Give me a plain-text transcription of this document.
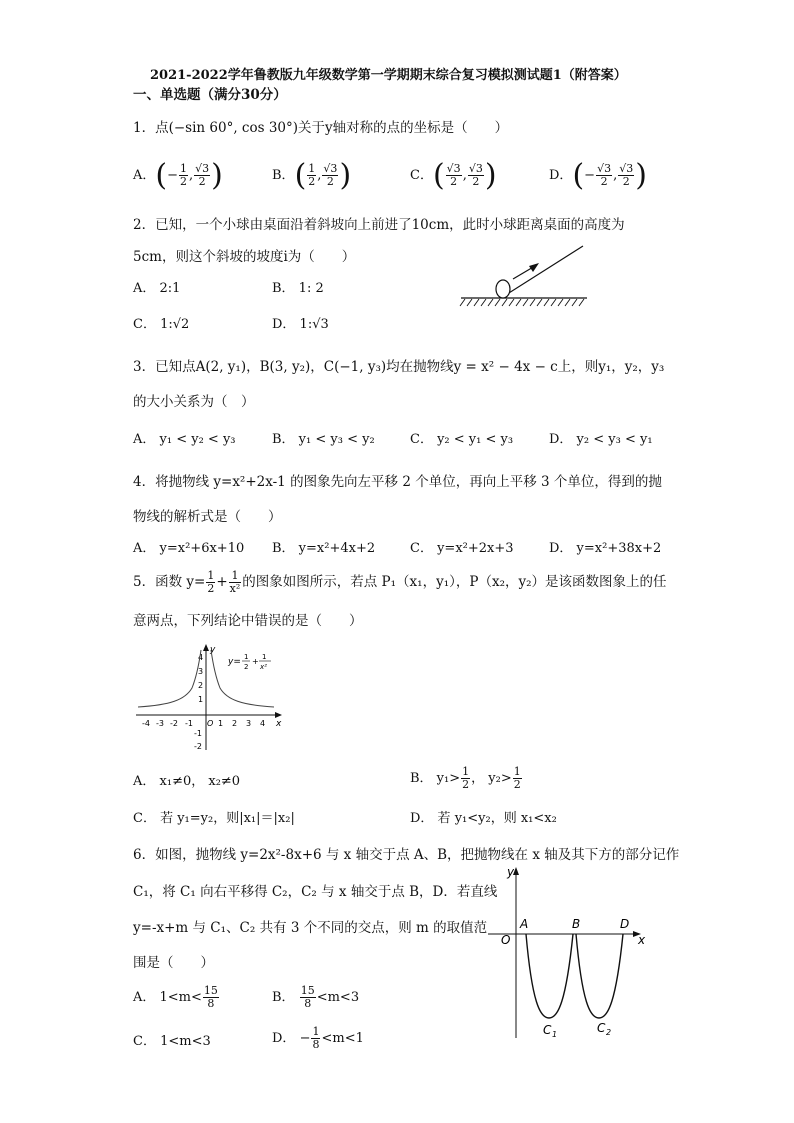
2021-2022学年鲁教版九年级数学第一学期期末综合复习模拟测试题1（附答案）
一、单选题（满分30分）
1．点(−sin 60°, cos 30°)关于y轴对称的点的坐标是（　　）
A．(− $\frac{1}{2}$ , $\frac{√3}{2}$ )	B．( $\frac{1}{2}$ , $\frac{√3}{2}$ )	C．( $\frac{√3}{2}$ , $\frac{√3}{2}$ )	D．(− $\frac{√3}{2}$ , $\frac{√3}{2}$ )
2．已知，一个小球由桌面沿着斜坡向上前进了10cm，此时小球距离桌面的高度为
5cm，则这个斜坡的坡度i为（　　）
A． 2:1	B． 1: 2
C． 1:√2	D． 1:√3
3．已知点A(2, y₁)，B(3, y₂)，C(−1, y₃)均在抛物线y = x² − 4x − c上，则y₁，y₂，y₃
的大小关系为（　）
A． y₁ < y₂ < y₃	B． y₁ < y₃ < y₂	C． y₂ < y₁ < y₃	D． y₂ < y₃ < y₁
4．将抛物线 y=x²+2x-1 的图象先向左平移 2 个单位，再向上平移 3 个单位，得到的抛
物线的解析式是（　　）
A． y=x²+6x+10 B． y=x²+4x+2	C． y=x²+2x+3	D． y=x²+38x+2
5．函数 $y= \frac{1}{2} + \frac{1}{\text{x²}}$ 的图象如图所示，若点 P₁（x₁，y₁），P（x₂，y₂）是该函数图象上的任
意两点，下列结论中错误的是（　　）
y
x
-4 -3 -2 -1 O 1 2 3 4
4
3
2
1
-1
-2
y= 1
2
+ 1
x²
A． x₁≠0， x₂≠0	B． $y_1> \frac{1}{2}$ ， $y_2> \frac{1}{2}$
C． 若 y₁=y₂，则|x₁|＝|x₂|	D． 若 y₁<y₂，则 x₁<x₂
6．如图，抛物线 y=2x²-8x+6 与 x 轴交于点 A、B，把抛物线在 x 轴及其下方的部分记作
C₁，将 C₁ 向右平移得 C₂，C₂ 与 x 轴交于点 B，D．若直线
y=-x+m 与 C₁、C₂ 共有 3 个不同的交点，则 m 的取值范
围是（　　）
A． $1<m< \frac{15}{8}$	B． $\frac{15}{8} <m<3$
C． 1<m<3	D． − $\frac{1}{8} <m<1$
y
O
A	B	D
x
C 1	C 2
